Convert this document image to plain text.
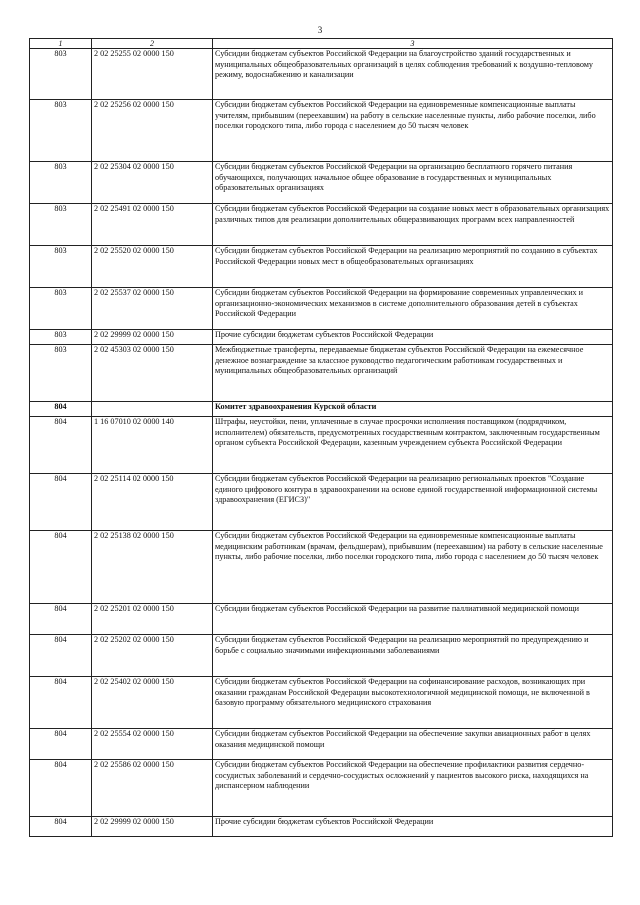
3
1	2	3
803	2 02 25255 02 0000 150	Субсидии бюджетам субъектов Российской Федерации на благоустройство зданий государственных и муниципальных общеобразовательных организаций в целях соблюдения требований к воздушно-тепловому режиму, водоснабжению и канализации
803	2 02 25256 02 0000 150	Субсидии бюджетам субъектов Российской Федерации на единовременные компенсационные выплаты учителям, прибывшим (переехавшим) на работу в сельские населенные пункты, либо рабочие поселки, либо поселки городского типа, либо города с населением до 50 тысяч человек
803	2 02 25304 02 0000 150	Субсидии бюджетам субъектов Российской Федерации на организацию бесплатного горячего питания обучающихся, получающих начальное общее образование в государственных и муниципальных образовательных организациях
803	2 02 25491 02 0000 150	Субсидии бюджетам субъектов Российской Федерации на создание новых мест в образовательных организациях различных типов для реализации дополнительных общеразвивающих программ всех направленностей
803	2 02 25520 02 0000 150	Субсидии бюджетам субъектов Российской Федерации на реализацию мероприятий по созданию в субъектах Российской Федерации новых мест в общеобразовательных организациях
803	2 02 25537 02 0000 150	Субсидии бюджетам субъектов Российской Федерации на формирование современных управленческих и организационно-экономических механизмов в системе дополнительного образования детей в субъектах Российской Федерации
803	2 02 29999 02 0000 150	Прочие субсидии бюджетам субъектов Российской Федерации
803	2 02 45303 02 0000 150	Межбюджетные трансферты, передаваемые бюджетам субъектов Российской Федерации на ежемесячное денежное вознаграждение за классное руководство педагогическим работникам государственных и муниципальных общеобразовательных организаций
804		Комитет здравоохранения Курской области
804	1 16 07010 02 0000 140	Штрафы, неустойки, пени, уплаченные в случае просрочки исполнения поставщиком (подрядчиком, исполнителем) обязательств, предусмотренных государственным контрактом, заключенным государственным органом субъекта Российской Федерации, казенным учреждением субъекта Российской Федерации
804	2 02 25114 02 0000 150	Субсидии бюджетам субъектов Российской Федерации на реализацию региональных проектов "Создание единого цифрового контура в здравоохранении на основе единой государственной информационной системы здравоохранения (ЕГИСЗ)"
804	2 02 25138 02 0000 150	Субсидии бюджетам субъектов Российской Федерации на единовременные компенсационные выплаты медицинским работникам (врачам, фельдшерам), прибывшим (переехавшим) на работу в сельские населенные пункты, либо рабочие поселки, либо поселки городского типа, либо города с населением до 50 тысяч человек
804	2 02 25201 02 0000 150	Субсидии бюджетам субъектов Российской Федерации на развитие паллиативной медицинской помощи
804	2 02 25202 02 0000 150	Субсидии бюджетам субъектов Российской Федерации на реализацию мероприятий по предупреждению и борьбе с социально значимыми инфекционными заболеваниями
804	2 02 25402 02 0000 150	Субсидии бюджетам субъектов Российской Федерации на софинансирование расходов, возникающих при оказании гражданам Российской Федерации высокотехнологичной медицинской помощи, не включенной в базовую программу обязательного медицинского страхования
804	2 02 25554 02 0000 150	Субсидии бюджетам субъектов Российской Федерации на обеспечение закупки авиационных работ в целях оказания медицинской помощи
804	2 02 25586 02 0000 150	Субсидии бюджетам субъектов Российской Федерации на обеспечение профилактики развития сердечно-сосудистых заболеваний и сердечно-сосудистых осложнений у пациентов высокого риска, находящихся на диспансерном наблюдении
804	2 02 29999 02 0000 150	Прочие субсидии бюджетам субъектов Российской Федерации
